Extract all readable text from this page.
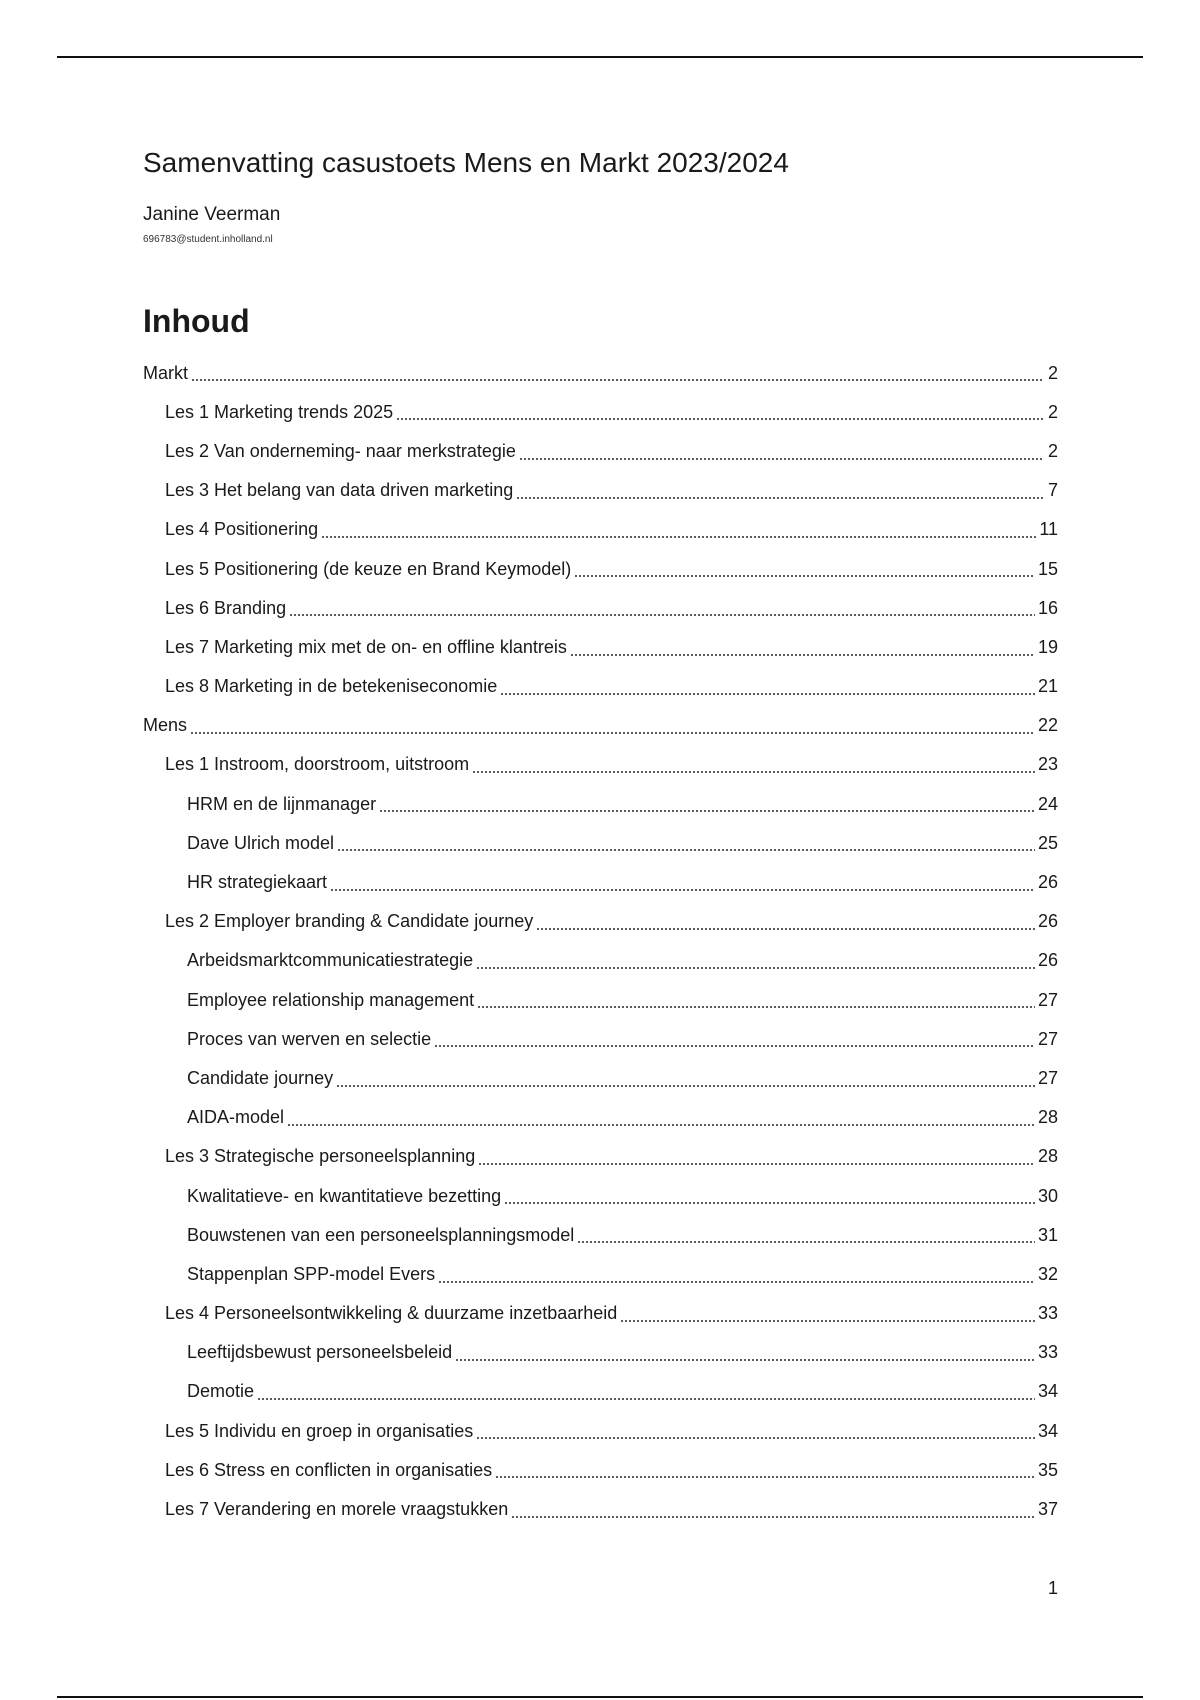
Samenvatting casustoets Mens en Markt 2023/2024
Janine Veerman
696783@student.inholland.nl
Inhoud
Markt	2
Les 1 Marketing trends 2025	2
Les 2 Van onderneming- naar merkstrategie	2
Les 3 Het belang van data driven marketing	7
Les 4 Positionering	11
Les 5 Positionering (de keuze en Brand Keymodel)	15
Les 6 Branding	16
Les 7 Marketing mix met de on- en offline klantreis	19
Les 8 Marketing in de betekeniseconomie	21
Mens	22
Les 1 Instroom, doorstroom, uitstroom	23
HRM en de lijnmanager	24
Dave Ulrich model	25
HR strategiekaart	26
Les 2 Employer branding & Candidate journey	26
Arbeidsmarktcommunicatiestrategie	26
Employee relationship management	27
Proces van werven en selectie	27
Candidate journey	27
AIDA-model	28
Les 3 Strategische personeelsplanning	28
Kwalitatieve- en kwantitatieve bezetting	30
Bouwstenen van een personeelsplanningsmodel	31
Stappenplan SPP-model Evers	32
Les 4 Personeelsontwikkeling & duurzame inzetbaarheid	33
Leeftijdsbewust personeelsbeleid	33
Demotie	34
Les 5 Individu en groep in organisaties	34
Les 6 Stress en conflicten in organisaties	35
Les 7 Verandering en morele vraagstukken	37
1
